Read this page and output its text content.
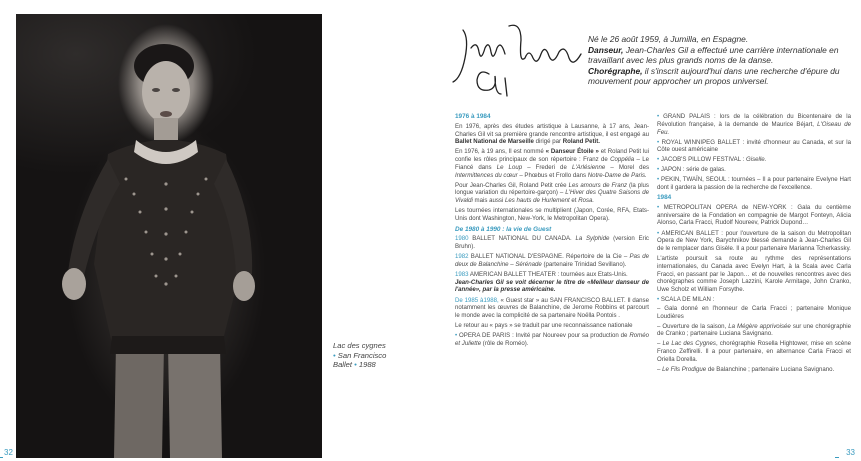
Lac des cygnes
• San Francisco
Ballet • 1988
32	33
Né le 26 août 1959, à Jumilla, en Espagne.
Danseur, Jean-Charles Gil a effectué une carrière internationale en travaillant avec les plus grands noms de la danse.
Chorégraphe, il s'inscrit aujourd'hui dans une recherche d'épure du mouvement pour approcher un propos universel.
1976 à 1984

En 1976, après des études artistique à Lausanne, à 17 ans, Jean-Charles Gil vit sa première grande rencontre artistique, il est engagé au Ballet National de Marseille dirigé par Roland Petit.

En 1976, à 19 ans, Il est nommé « Danseur Étoile » et Roland Petit lui confie les rôles principaux de son répertoire : Franz de Coppélia – Le Fiancé dans Le Loup – Frederi de L'Arlésienne – Morel des Intermittences du cœur – Phœbus et Frollo dans Notre-Dame de Paris.

Pour Jean-Charles Gil, Roland Petit crée Les amours de Franz (la plus longue variation du répertoire-garçon) – L'Hiver des Quatre Saisons de Vivaldi mais aussi Les hauts de Hurlement et Rosa.

Les tournées internationales se multiplient (Japon, Corée, RFA, Etats-Unis dont Washington, New-York, le Metropolitan Opera).

De 1980 à 1990 : la vie de Guest

1980 BALLET NATIONAL DU CANADA. La Sylphide (version Eric Bruhn).

1982 BALLET NATIONAL D'ESPAGNE. Répertoire de la Cie – Pas de deux de Balanchine – Sérénade (partenaire Trinidad Sevillano).

1983 AMERICAN BALLET THEATER : tournées aux Etats-Unis.
Jean-Charles Gil se voit décerner le titre de «Meilleur danseur de l'année», par la presse américaine.

De 1985 à1988, « Guest star » au SAN FRANCISCO BALLET. Il danse notamment les œuvres de Balanchine, de Jerome Robbins et parcourt le monde avec la complicité de sa partenaire Noëlla Pontois .

Le retour au « pays » se traduit par une reconnaissance nationale

• OPERA DE PARIS : Invité par Noureev pour sa production de Roméo et Juliette (rôle de Roméo).

• GRAND PALAIS : lors de la célébration du Bicentenaire de la Révolution française, à la demande de Maurice Béjart, L'Oiseau de Feu.

• ROYAL WINNIPEG BALLET : invité d'honneur au Canada, et sur la Côte ouest américaine

• JACOB'S PILLOW FESTIVAL : Giselle.

• JAPON : série de galas.

• PEKIN, TWAÏN, SEOUL : tournées – Il a pour partenaire Evelyne Hart dont il gardera la passion de la recherche de l'excellence.

1984

• METROPOLITAN OPERA de NEW-YORK : Gala du centième anniversaire de la Fondation en compagnie de Margot Fonteyn, Alicia Alonso, Carla Fracci, Rudolf Noureev, Patrick Dupond…

• AMERICAN BALLET : pour l'ouverture de la saison du Metropolitan Opera de New York, Barychnikov blessé demande à Jean-Charles Gil de le remplacer dans Gisèle. Il a pour partenaire Marianna Tcherkassky.

L'artiste poursuit sa route au rythme des représentations internationales, du Canada avec Evelyn Hart, à la Scala avec Carla Fracci, en passant par le Japon… et de nouvelles rencontres avec des chorégraphes comme Joseph Lazzini, Karole Armitage, John Cranko, Uwe Scholz et William Forsythe.

• SCALA DE MILAN :

– Gala donné en l'honneur de Carla Fracci ; partenaire Monique Loudières

– Ouverture de la saison, La Mégère apprivoisée sur une chorégraphie de Cranko ; partenaire Luciana Savignano.

– Le Lac des Cygnes, chorégraphie Rosella Hightower, mise en scène Franco Zeffirelli. Il a pour partenaire, en alternance Carla Fracci et Oriella Dorella.

– Le Fils Prodigue de Balanchine ; partenaire Luciana Savignano.
